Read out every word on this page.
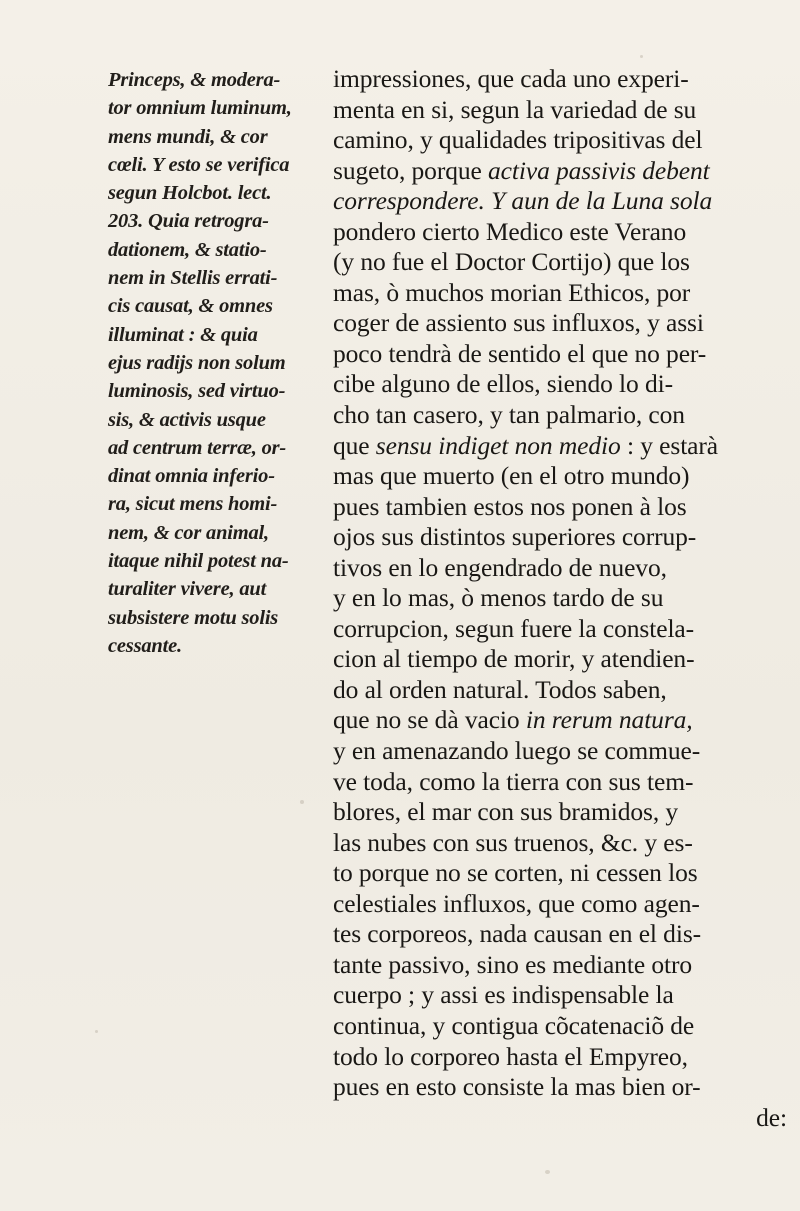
Princeps, & modera-
tor omnium luminum,
mens mundi, & cor
cœli. Y esto se verifica
segun Holcbot. lect.
203. Quia retrogra-
dationem, & statio-
nem in Stellis errati-
cis causat, & omnes
illuminat : & quia
ejus radijs non solum
luminosis, sed virtuo-
sis, & activis usque
ad centrum terræ, or-
dinat omnia inferio-
ra, sicut mens homi-
nem, & cor animal,
itaque nihil potest na-
turaliter vivere, aut
subsistere motu solis
cessante.
impressiones, que cada uno experi-
menta en si, segun la variedad de su
camino, y qualidades tripositivas del
sugeto, porque activa passivis debent
correspondere. Y aun de la Luna sola
pondero cierto Medico este Verano
(y no fue el Doctor Cortijo) que los
mas, ò muchos morian Ethicos, por
coger de assiento sus influxos, y assi
poco tendrà de sentido el que no per-
cibe alguno de ellos, siendo lo di-
cho tan casero, y tan palmario, con
que sensu indiget non medio : y estarà
mas que muerto (en el otro mundo)
pues tambien estos nos ponen à los
ojos sus distintos superiores corrup-
tivos en lo engendrado de nuevo,
y en lo mas, ò menos tardo de su
corrupcion, segun fuere la constela-
cion al tiempo de morir, y atendien-
do al orden natural. Todos saben,
que no se dà vacio in rerum natura,
y en amenazando luego se commue-
ve toda, como la tierra con sus tem-
blores, el mar con sus bramidos, y
las nubes con sus truenos, &c. y es-
to porque no se corten, ni cessen los
celestiales influxos, que como agen-
tes corporeos, nada causan en el dis-
tante passivo, sino es mediante otro
cuerpo ; y assi es indispensable la
continua, y contigua cõcatenaciõ de
todo lo corporeo hasta el Empyreo,
pues en esto consiste la mas bien or-
de:
